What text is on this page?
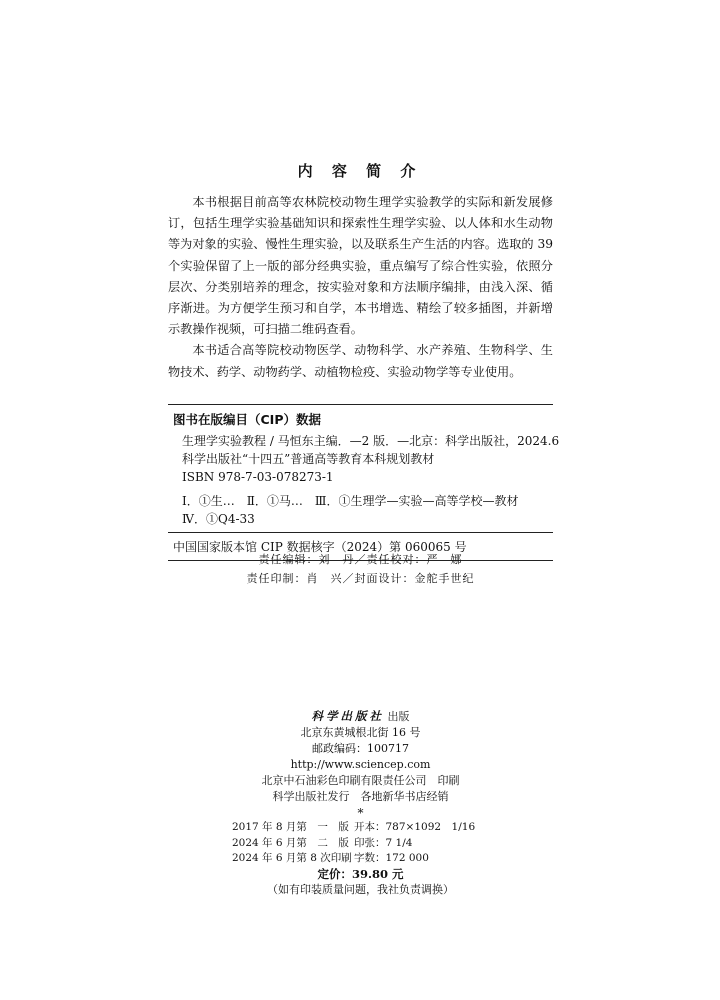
内 容 简 介

本书根据目前高等农林院校动物生理学实验教学的实际和新发展修订，包括生理学实验基础知识和探索性生理学实验、以人体和水生动物等为对象的实验、慢性生理实验，以及联系生产生活的内容。选取的 39 个实验保留了上一版的部分经典实验，重点编写了综合性实验，依照分层次、分类别培养的理念，按实验对象和方法顺序编排，由浅入深、循序渐进。为方便学生预习和自学，本书增选、精绘了较多插图，并新增示教操作视频，可扫描二维码查看。

本书适合高等院校动物医学、动物科学、水产养殖、生物科学、生物技术、药学、动物药学、动植物检疫、实验动物学等专业使用。

图书在版编目（CIP）数据
生理学实验教程 / 马恒东主编．—2 版．—北京：科学出版社，2024.6
科学出版社“十四五”普通高等教育本科规划教材
ISBN 978-7-03-078273-1
Ⅰ．①生…　Ⅱ．①马…　Ⅲ．①生理学—实验—高等学校—教材
Ⅳ．①Q4-33
中国国家版本馆 CIP 数据核字（2024）第 060065 号
责任编辑：刘　丹／责任校对：严　娜
责任印制：肖　兴／封面设计：金舵手世纪
科学出版社 出版
北京东黄城根北街 16 号
邮政编码：100717
http://www.sciencep.com
北京中石油彩色印刷有限责任公司　印刷
科学出版社发行　各地新华书店经销
*
2017 年 8 月第　一　版 开本：787×1092　1/16
2024 年 6 月第　二　版 印张：7 1/4
2024 年 6 月第 8 次印刷 字数：172 000
定价：39.80 元
（如有印装质量问题，我社负责调换）
